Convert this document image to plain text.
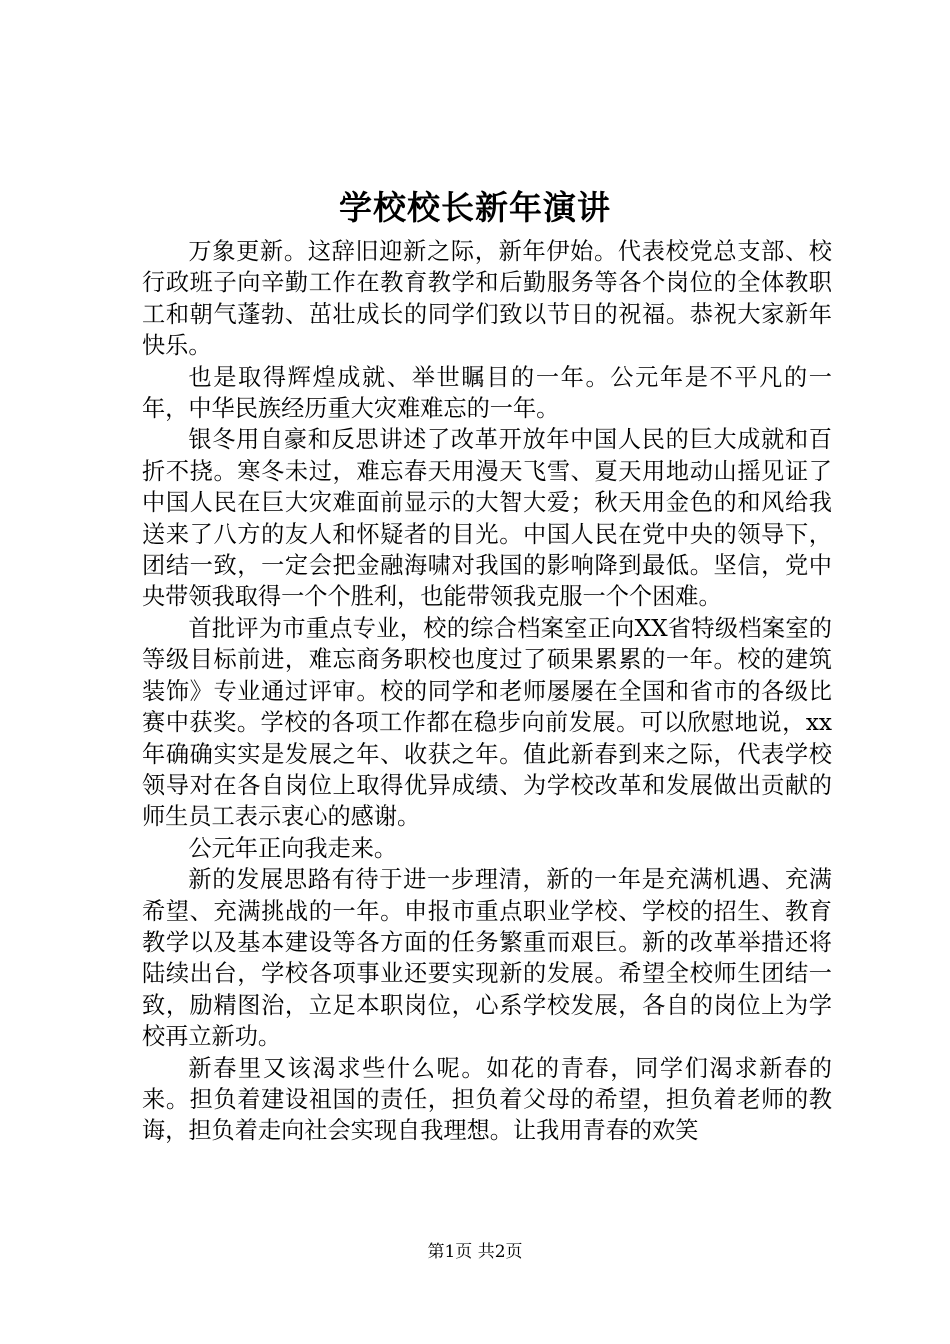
学校校长新年演讲

万象更新。这辞旧迎新之际，新年伊始。代表校党总支部、校行政班子向辛勤工作在教育教学和后勤服务等各个岗位的全体教职工和朝气蓬勃、茁壮成长的同学们致以节日的祝福。恭祝大家新年快乐。

也是取得辉煌成就、举世瞩目的一年。公元年是不平凡的一年，中华民族经历重大灾难难忘的一年。

银冬用自豪和反思讲述了改革开放年中国人民的巨大成就和百折不挠。寒冬未过，难忘春天用漫天飞雪、夏天用地动山摇见证了中国人民在巨大灾难面前显示的大智大爱；秋天用金色的和风给我送来了八方的友人和怀疑者的目光。中国人民在党中央的领导下，团结一致，一定会把金融海啸对我国的影响降到最低。坚信，党中央带领我取得一个个胜利，也能带领我克服一个个困难。

首批评为市重点专业，校的综合档案室正向XX省特级档案室的等级目标前进，难忘商务职校也度过了硕果累累的一年。校的建筑装饰》专业通过评审。校的同学和老师屡屡在全国和省市的各级比赛中获奖。学校的各项工作都在稳步向前发展。可以欣慰地说，xx年确确实实是发展之年、收获之年。值此新春到来之际，代表学校领导对在各自岗位上取得优异成绩、为学校改革和发展做出贡献的师生员工表示衷心的感谢。

公元年正向我走来。

新的发展思路有待于进一步理清，新的一年是充满机遇、充满希望、充满挑战的一年。申报市重点职业学校、学校的招生、教育教学以及基本建设等各方面的任务繁重而艰巨。新的改革举措还将陆续出台，学校各项事业还要实现新的发展。希望全校师生团结一致，励精图治，立足本职岗位，心系学校发展，各自的岗位上为学校再立新功。

新春里又该渴求些什么呢。如花的青春，同学们渴求新春的来。担负着建设祖国的责任，担负着父母的希望，担负着老师的教诲，担负着走向社会实现自我理想。让我用青春的欢笑

第1页 共2页
